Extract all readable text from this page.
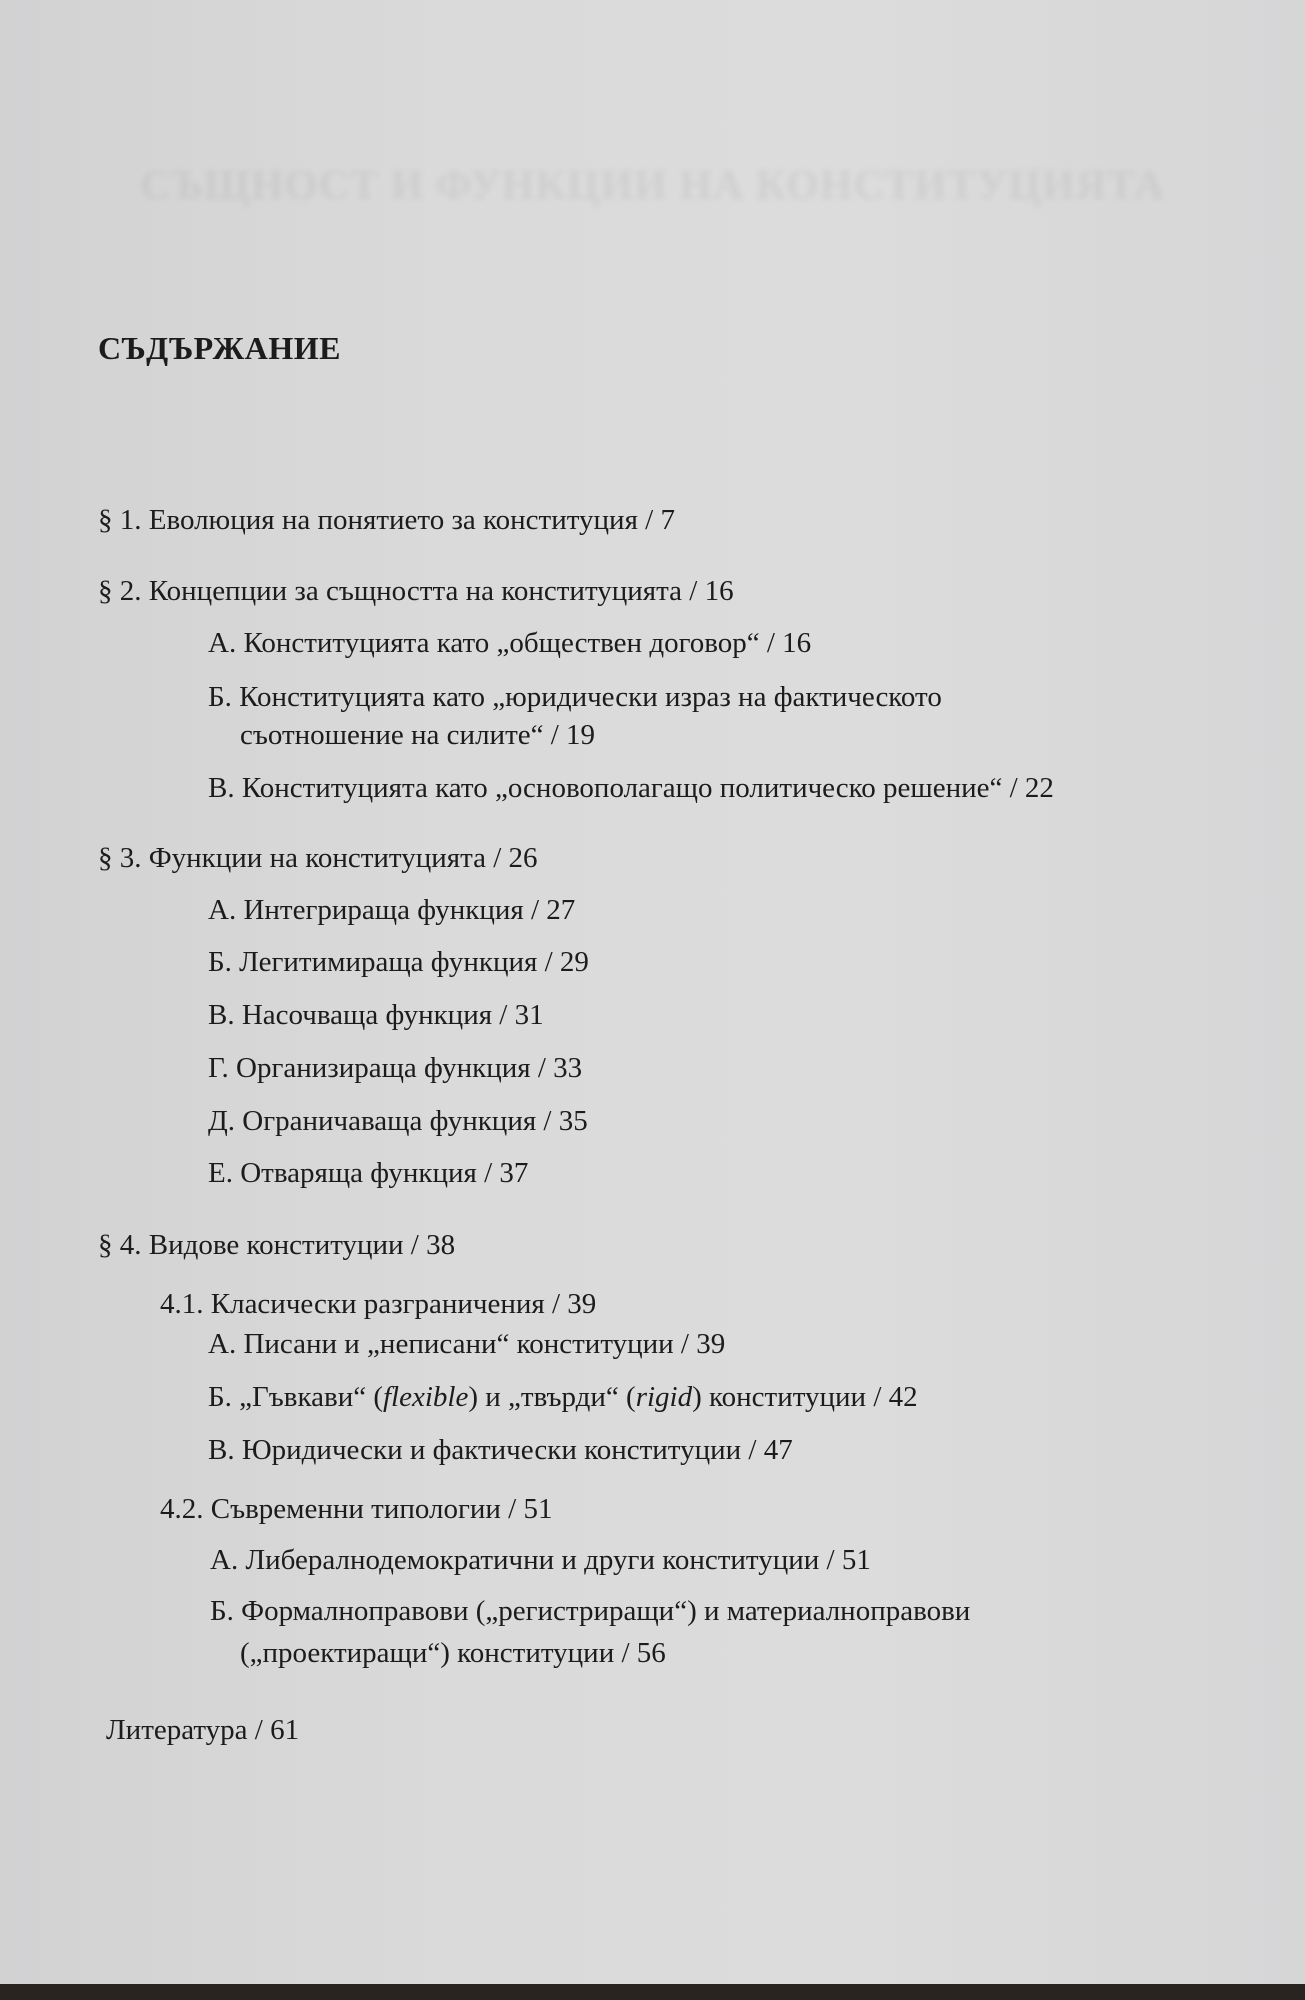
СЪЩНОСТ И ФУНКЦИИ НА КОНСТИТУЦИЯТА
СЪДЪРЖАНИЕ
§ 1. Еволюция на понятието за конституция / 7
§ 2. Концепции за същността на конституцията / 16
А. Конституцията като „обществен договор“ / 16
Б. Конституцията като „юридически израз на фактическото
съотношение на силите“ / 19
В. Конституцията като „основополагащо политическо решение“ / 22
§ 3. Функции на конституцията / 26
А. Интегрираща функция / 27
Б. Легитимираща функция / 29
В. Насочваща функция / 31
Г. Организираща функция / 33
Д. Ограничаваща функция / 35
Е. Отваряща функция / 37
§ 4. Видове конституции / 38
4.1. Класически разграничения / 39
А. Писани и „неписани“ конституции / 39
Б. „Гъвкави“ (flexible) и „твърди“ (rigid) конституции / 42
В. Юридически и фактически конституции / 47
4.2. Съвременни типологии / 51
А. Либералнодемократични и други конституции / 51
Б. Формалноправови („регистриращи“) и материалноправови
(„проектиращи“) конституции / 56
Литература / 61
